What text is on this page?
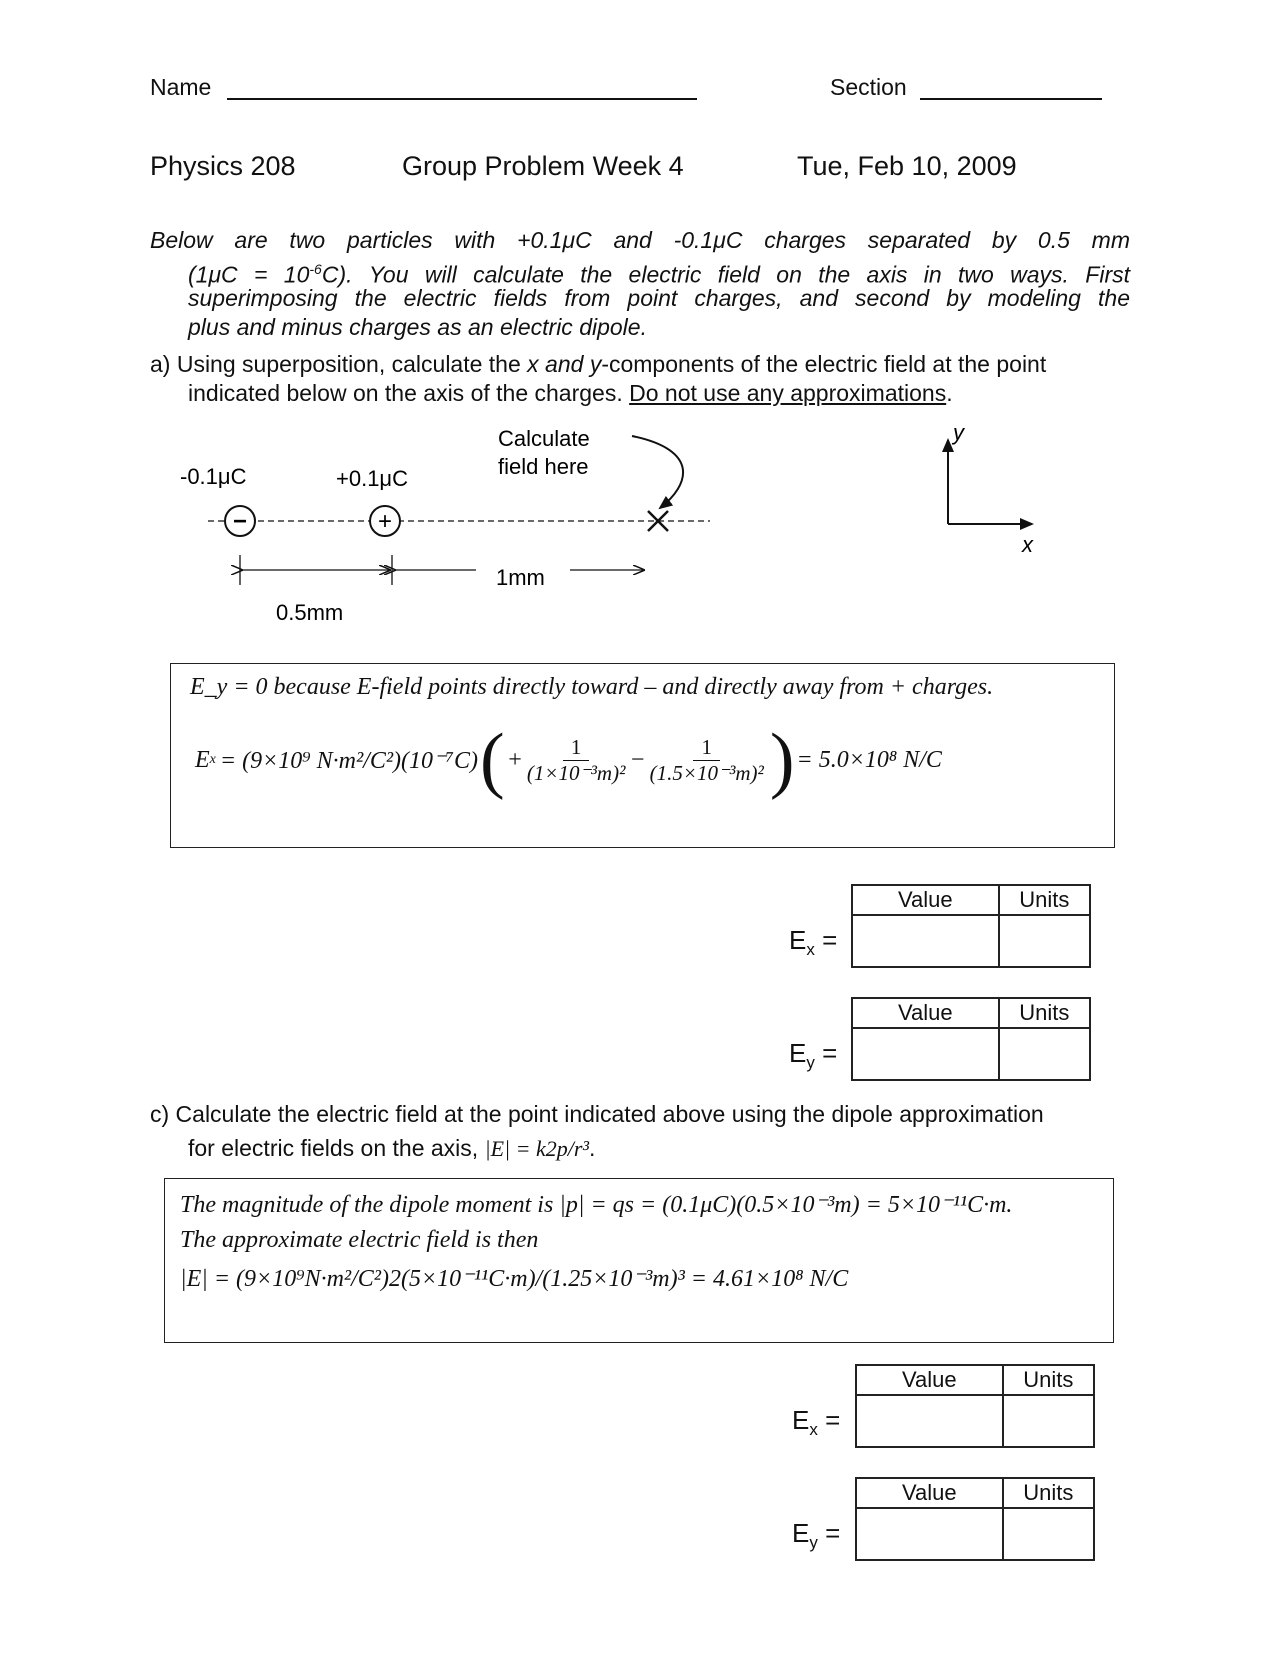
Name	Section
Physics 208	Group Problem Week 4	Tue, Feb 10, 2009
Below are two particles with +0.1μC and -0.1μC charges separated by 0.5 mm
$(1\mu C = 10^{-6}C)$. You will calculate the electric field on the axis in two ways. First
superimposing the electric fields from point charges, and second by modeling the
plus and minus charges as an electric dipole.
a) Using superposition, calculate the x and y-components of the electric field at the point
indicated below on the axis of the charges. Do not use any approximations.
−	+
-0.1μC	+0.1μC
Calculate
field here
0.5mm
1mm
y
x
E_y = 0 because E-field points directly toward – and directly away from + charges.
E x = (9×10⁹ N·m²/C²)(10⁻⁷C) ( + $\frac{1}{\text{(1×10⁻³m)²}} - \frac{1}{\text{(1.5×10⁻³m)²}}$ ) = 5.0×10⁸ N/C
$E_x$ =
Value	Units

$E_y$ =
Value	Units

c) Calculate the electric field at the point indicated above using the dipole approximation
for electric fields on the axis, |E| = k2p/r³.
The magnitude of the dipole moment is |p| = qs = (0.1μC)(0.5×10⁻³m) = 5×10⁻¹¹C·m.
The approximate electric field is then
|E| = (9×10⁹N·m²/C²)2(5×10⁻¹¹C·m)/(1.25×10⁻³m)³ = 4.61×10⁸ N/C
$E_x$ =
Value	Units

$E_y$ =
Value	Units
